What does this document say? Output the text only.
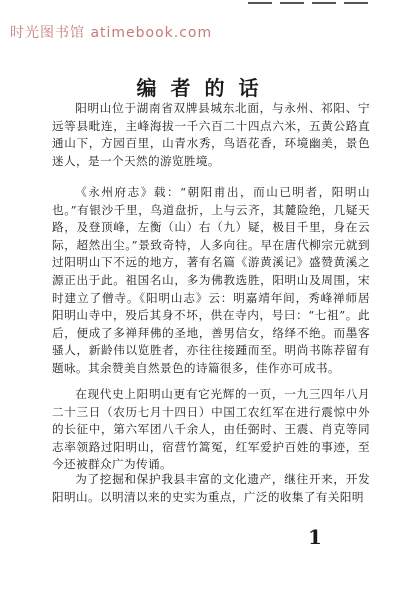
时光图书馆 atimebook.com
编者的话

阳明山位于湖南省双牌县城东北面，与永州、祁阳、宁远等县毗连，主峰海拔一千六百二十四点六米，五黄公路直通山下，方园百里，山青水秀，鸟语花香，环境幽美，景色迷人，是一个天然的游览胜境。

《永州府志》载：“朝阳甫出，而山已明者，阳明山也。”有银沙千里，鸟道盘折，上与云齐，其麓险绝，几疑天路，及登顶峰，左衡（山）右（九）疑，极目千里，身在云际，超然出尘。”景致奇特，人多向往。早在唐代柳宗元就到过阳明山下不远的地方，著有名篇《游黄溪记》盛赞黄溪之源正出于此。祖国名山，多为佛教选胜，阳明山及周围，宋时建立了僧寺。《阳明山志》云：明嘉靖年间，秀峰禅师居阳明山寺中，殁后其身不坏，供在寺内，号曰：“七祖”。此后，便成了多禅拜佛的圣地，善男信女，络绎不绝。而墨客骚人，新龄伟以览胜者，亦往往接踵而至。明尚书陈荐留有题咏。其余赞美自然景色的诗篇很多，佳作亦可成书。

在现代史上阳明山更有它光辉的一页，一九三四年八月二十三日（农历七月十四日）中国工农红军在进行震惊中外的长征中，第六军团八千余人，由任弼时、王震、肖克等同志率领路过阳明山，宿营竹篙冤，红军爱护百姓的事迹，至今还被群众广为传诵。

为了挖掘和保护我县丰富的文化遗产，继往开来，开发阳明山。以明清以来的史实为重点，广泛的收集了有关阳明

1
